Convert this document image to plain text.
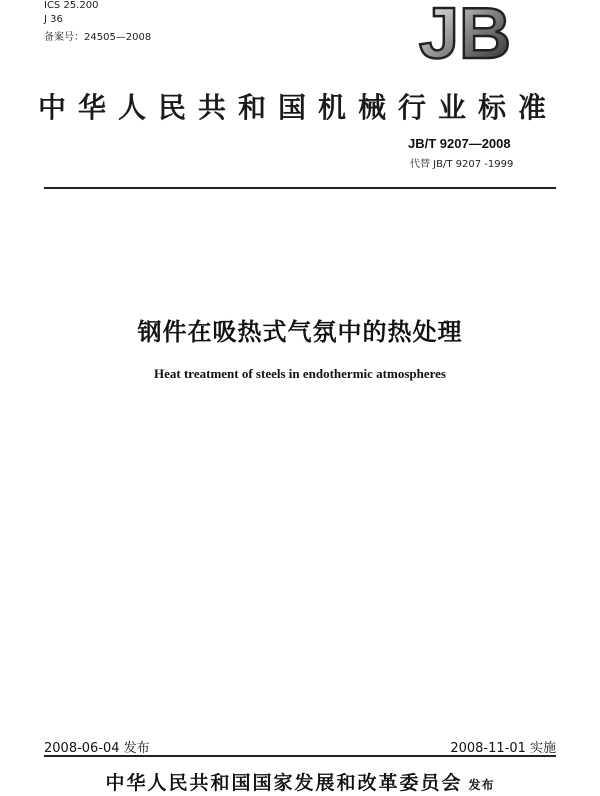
ICS 25.200
J 36
备案号：24505—2008	JB
中华人民共和国机械行业标准
JB/T 9207—2008
代替 JB/T 9207 -1999
钢件在吸热式气氛中的热处理
Heat treatment of steels in endothermic atmospheres
2008-06-04 发布	2008-11-01 实施
中华人民共和国国家发展和改革委员会 发布
